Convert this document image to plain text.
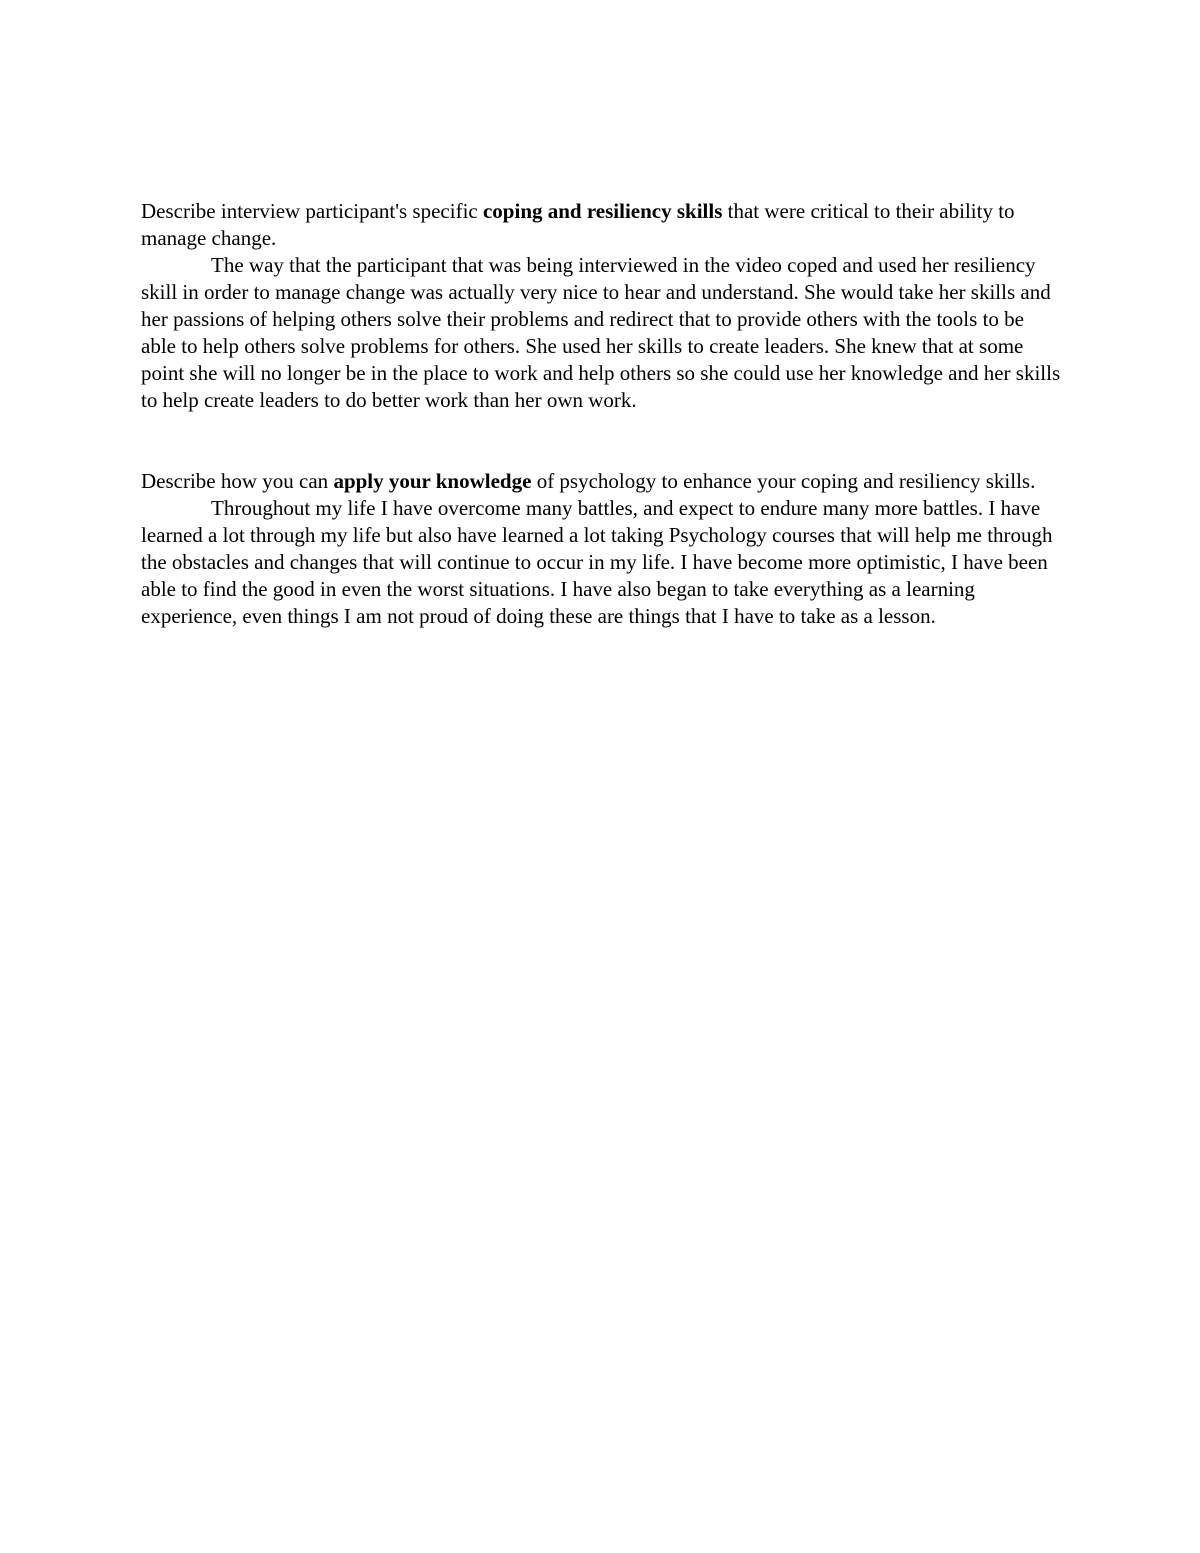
Describe interview participant's specific coping and resiliency skills that were critical to their ability to manage change.

The way that the participant that was being interviewed in the video coped and used her resiliency skill in order to manage change was actually very nice to hear and understand. She would take her skills and her passions of helping others solve their problems and redirect that to provide others with the tools to be able to help others solve problems for others. She used her skills to create leaders. She knew that at some point she will no longer be in the place to work and help others so she could use her knowledge and her skills to help create leaders to do better work than her own work.

Describe how you can apply your knowledge of psychology to enhance your coping and resiliency skills.

Throughout my life I have overcome many battles, and expect to endure many more battles. I have learned a lot through my life but also have learned a lot taking Psychology courses that will help me through the obstacles and changes that will continue to occur in my life. I have become more optimistic, I have been able to find the good in even the worst situations. I have also began to take everything as a learning experience, even things I am not proud of doing these are things that I have to take as a lesson.
